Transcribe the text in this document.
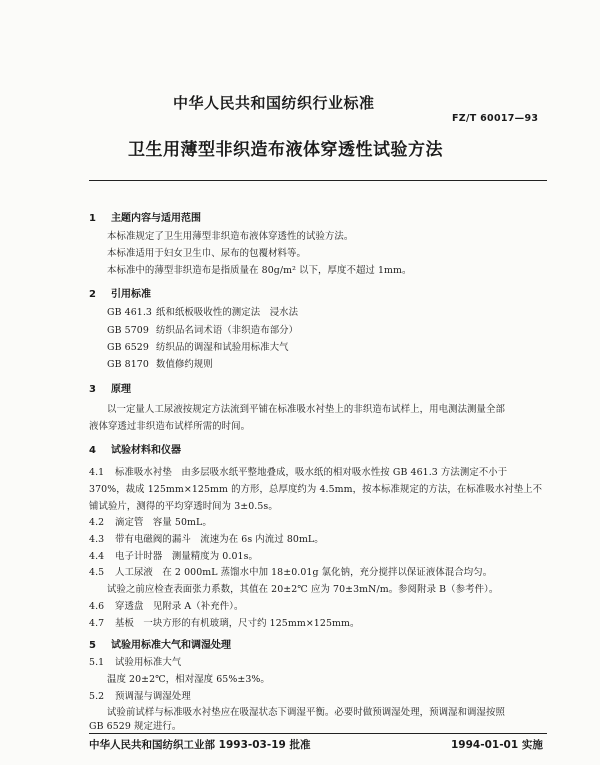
中华人民共和国纺织行业标准
FZ/T 60017—93
卫生用薄型非织造布液体穿透性试验方法
1 主题内容与适用范围
本标准规定了卫生用薄型非织造布液体穿透性的试验方法。
本标准适用于妇女卫生巾、尿布的包覆材料等。
本标准中的薄型非织造布是指质量在 80g/m² 以下，厚度不超过 1mm。
2 引用标准
GB 461.3 纸和纸板吸收性的测定法　浸水法
GB 5709 纺织品名词术语（非织造布部分）
GB 6529 纺织品的调湿和试验用标准大气
GB 8170 数值修约规则
3 原理
以一定量人工尿液按规定方法流到平铺在标准吸水衬垫上的非织造布试样上，用电测法测量全部
液体穿透过非织造布试样所需的时间。
4 试验材料和仪器
4.1 标准吸水衬垫　由多层吸水纸平整地叠成，吸水纸的相对吸水性按 GB 461.3 方法测定不小于
370%，裁成 125mm×125mm 的方形，总厚度约为 4.5mm，按本标准规定的方法，在标准吸水衬垫上不
铺试验片，测得的平均穿透时间为 3±0.5s。
4.2 滴定管　容量 50mL。
4.3 带有电磁阀的漏斗　流速为在 6s 内流过 80mL。
4.4 电子计时器　测量精度为 0.01s。
4.5 人工尿液　在 2 000mL 蒸馏水中加 18±0.01g 氯化钠，充分搅拌以保证液体混合均匀。
试验之前应检查表面张力系数，其值在 20±2℃ 应为 70±3mN/m。参阅附录 B（参考件）。
4.6 穿透盘　见附录 A（补充件）。
4.7 基板　一块方形的有机玻璃，尺寸约 125mm×125mm。
5 试验用标准大气和调湿处理
5.1 试验用标准大气
温度 20±2℃，相对湿度 65%±3%。
5.2 预调湿与调湿处理
试验前试样与标准吸水衬垫应在吸湿状态下调湿平衡。必要时做预调湿处理，预调湿和调湿按照
GB 6529 规定进行。
中华人民共和国纺织工业部 1993-03-19 批准	1994-01-01 实施
